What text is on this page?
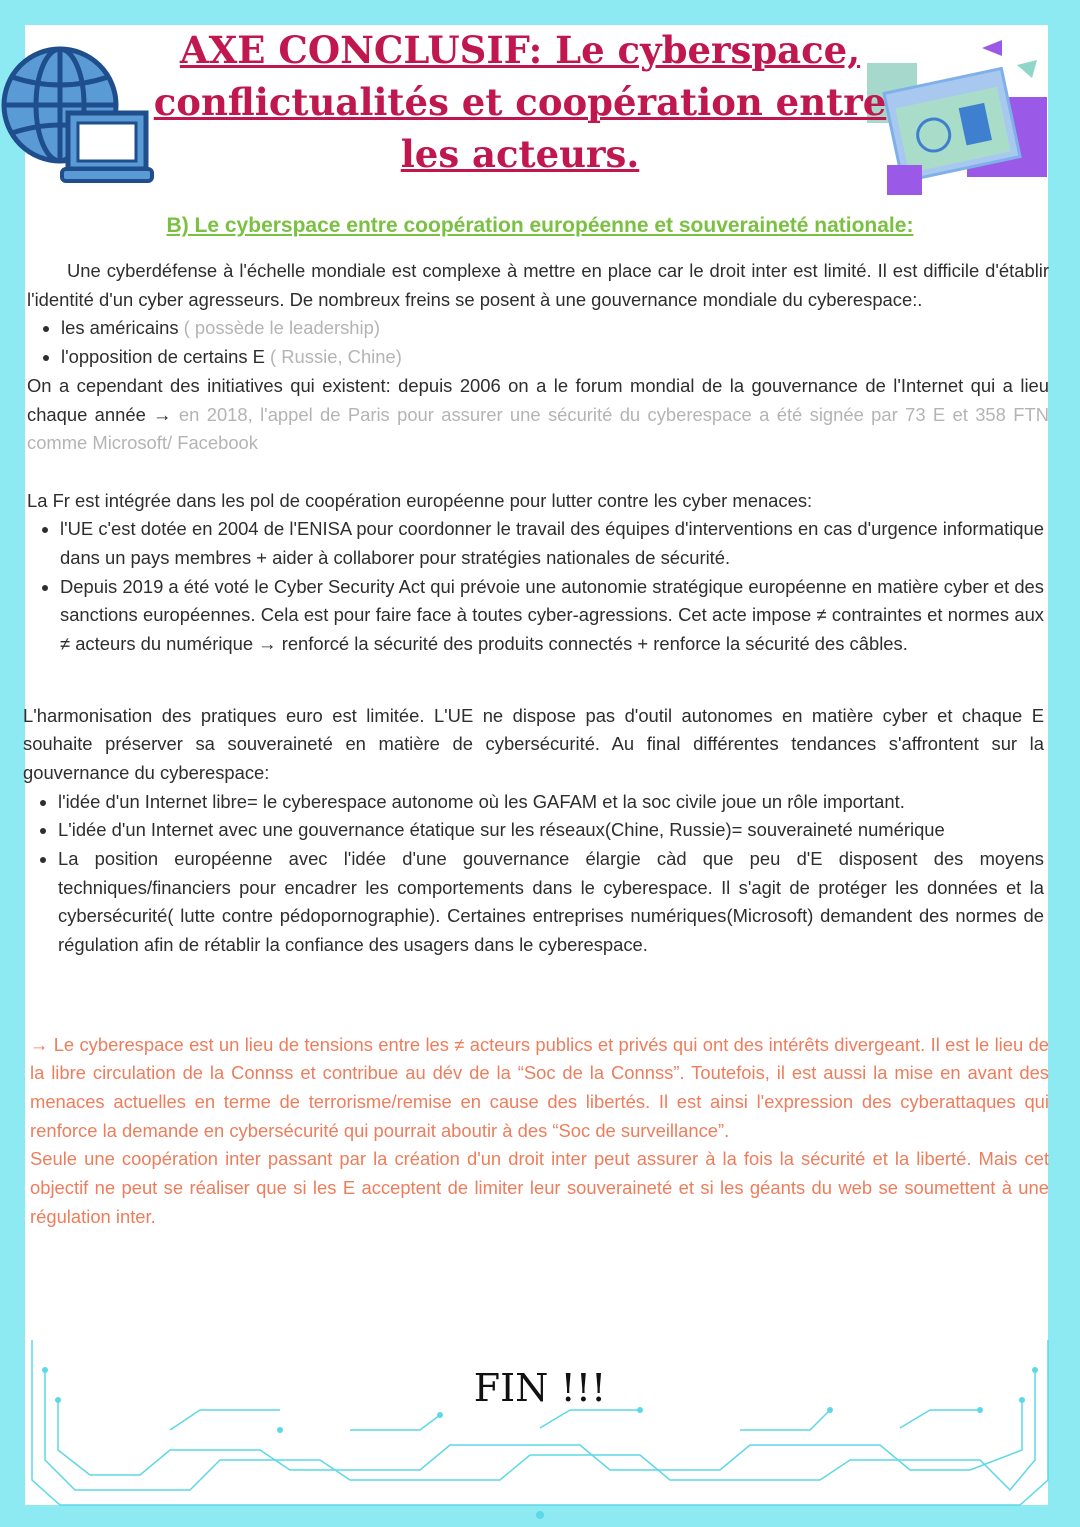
AXE CONCLUSIF: Le cyberspace, conflictualités et coopération entre les acteurs.
B) Le cyberspace entre coopération européenne et souveraineté nationale:

Une cyberdéfense à l'échelle mondiale est complexe à mettre en place car le droit inter est limité. Il est difficile d'établir l'identité d'un cyber agresseurs. De nombreux freins se posent à une gouvernance mondiale du cyberespace:.

• les américains ( possède le leadership)
• l'opposition de certains E ( Russie, Chine)

On a cependant des initiatives qui existent: depuis 2006 on a le forum mondial de la gouvernance de l'Internet qui a lieu chaque année → en 2018, l'appel de Paris pour assurer une sécurité du cyberespace a été signée par 73 E et 358 FTN comme Microsoft/ Facebook

La Fr est intégrée dans les pol de coopération européenne pour lutter contre les cyber menaces:

• l'UE c'est dotée en 2004 de l'ENISA pour coordonner le travail des équipes d'interventions en cas d'urgence informatique dans un pays membres + aider à collaborer pour stratégies nationales de sécurité.
• Depuis 2019 a été voté le Cyber Security Act qui prévoie une autonomie stratégique européenne en matière cyber et des sanctions européennes. Cela est pour faire face à toutes cyber-agressions. Cet acte impose ≠ contraintes et normes aux ≠ acteurs du numérique → renforcé la sécurité des produits connectés + renforce la sécurité des câbles.

L'harmonisation des pratiques euro est limitée. L'UE ne dispose pas d'outil autonomes en matière cyber et chaque E souhaite préserver sa souveraineté en matière de cybersécurité. Au final différentes tendances s'affrontent sur la gouvernance du cyberespace:

• l'idée d'un Internet libre= le cyberespace autonome où les GAFAM et la soc civile joue un rôle important.
• L'idée d'un Internet avec une gouvernance étatique sur les réseaux(Chine, Russie)= souveraineté numérique
• La position européenne avec l'idée d'une gouvernance élargie càd que peu d'E disposent des moyens techniques/financiers pour encadrer les comportements dans le cyberespace. Il s'agit de protéger les données et la cybersécurité( lutte contre pédopornographie). Certaines entreprises numériques(Microsoft) demandent des normes de régulation afin de rétablir la confiance des usagers dans le cyberespace.

→ Le cyberespace est un lieu de tensions entre les ≠ acteurs publics et privés qui ont des intérêts divergeant. Il est le lieu de la libre circulation de la Connss et contribue au dév de la “Soc de la Connss”. Toutefois, il est aussi la mise en avant des menaces actuelles en terme de terrorisme/remise en cause des libertés. Il est ainsi l'expression des cyberattaques qui renforce la demande en cybersécurité qui pourrait aboutir à des “Soc de surveillance”.

Seule une coopération inter passant par la création d'un droit inter peut assurer à la fois la sécurité et la liberté. Mais cet objectif ne peut se réaliser que si les E acceptent de limiter leur souveraineté et si les géants du web se soumettent à une régulation inter.

FIN !!!
